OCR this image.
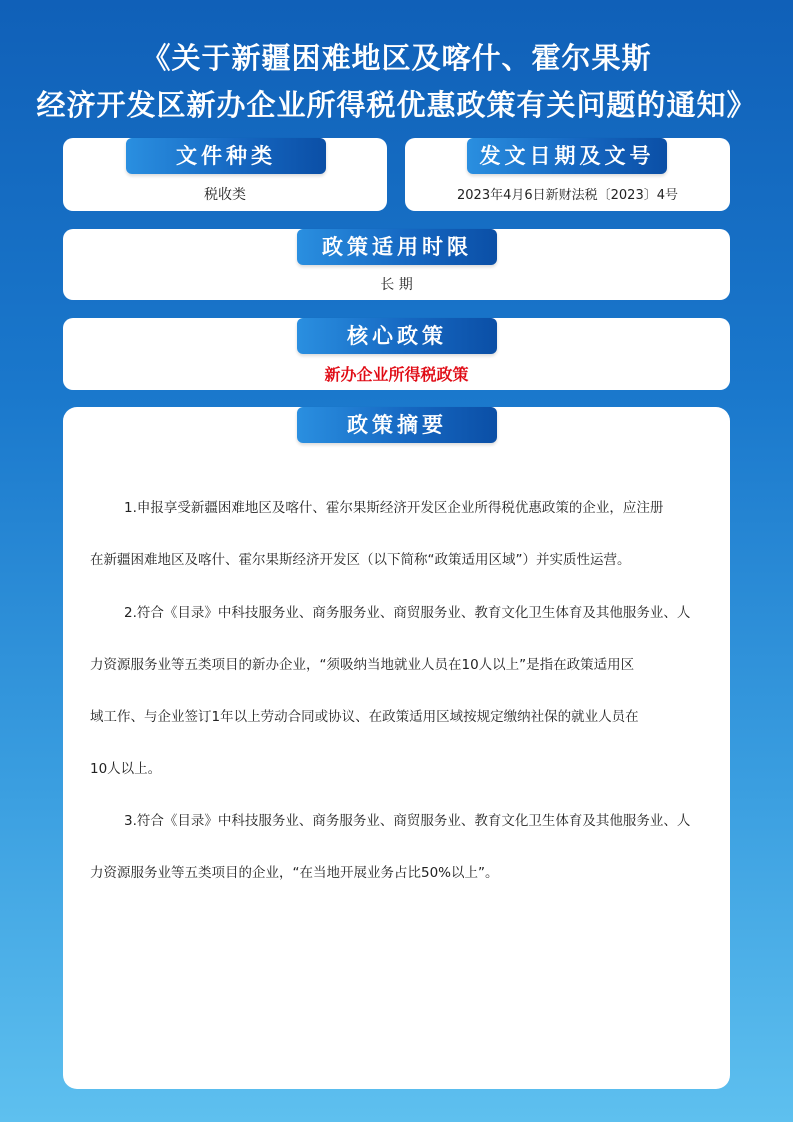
《关于新疆困难地区及喀什、霍尔果斯
经济开发区新办企业所得税优惠政策有关问题的通知》
文件种类
税收类
发文日期及文号
2023年4月6日新财法税〔2023〕4号
政策适用时限
长 期
核心政策
新办企业所得税政策
政策摘要
1.申报享受新疆困难地区及喀什、霍尔果斯经济开发区企业所得税优惠政策的企业，应注册
在新疆困难地区及喀什、霍尔果斯经济开发区（以下简称“政策适用区域”）并实质性运营。
2.符合《目录》中科技服务业、商务服务业、商贸服务业、教育文化卫生体育及其他服务业、人
力资源服务业等五类项目的新办企业，“须吸纳当地就业人员在10人以上”是指在政策适用区
域工作、与企业签订1年以上劳动合同或协议、在政策适用区域按规定缴纳社保的就业人员在
10人以上。
3.符合《目录》中科技服务业、商务服务业、商贸服务业、教育文化卫生体育及其他服务业、人
力资源服务业等五类项目的企业，“在当地开展业务占比50%以上”。
